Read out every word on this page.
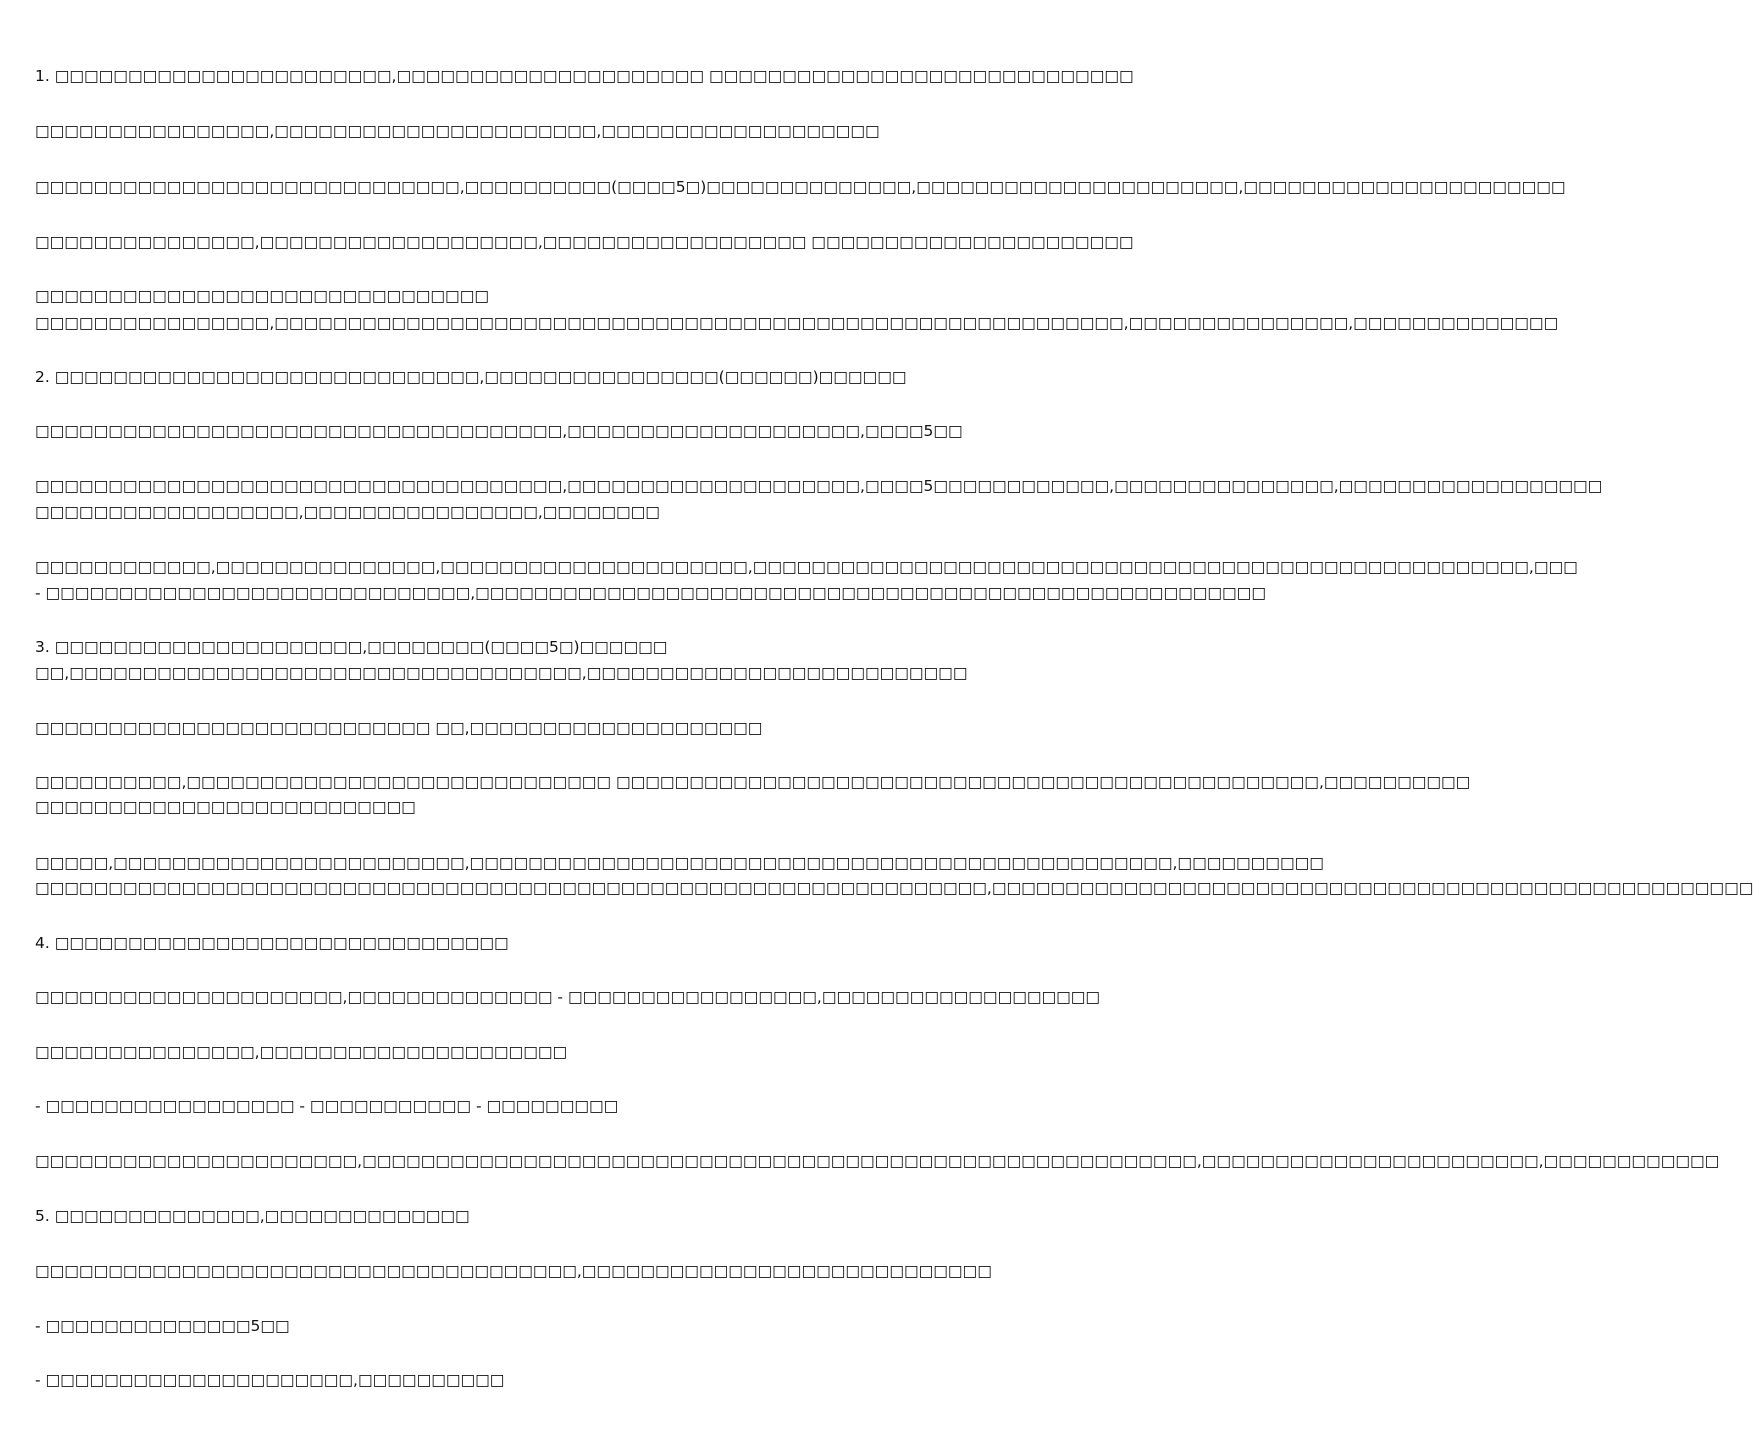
1. □□□□□□□□□□□□□□□□□□□□□□□,□□□□□□□□□□□□□□□□□□□□□ □□□□□□□□□□□□□□□□□□□□□□□□□□□□□
□□□□□□□□□□□□□□□□,□□□□□□□□□□□□□□□□□□□□□□,□□□□□□□□□□□□□□□□□□□
□□□□□□□□□□□□□□□□□□□□□□□□□□□□□,□□□□□□□□□□(□□□□5□)□□□□□□□□□□□□□□,□□□□□□□□□□□□□□□□□□□□□□,□□□□□□□□□□□□□□□□□□□□□□
□□□□□□□□□□□□□□□,□□□□□□□□□□□□□□□□□□□,□□□□□□□□□□□□□□□□□□ □□□□□□□□□□□□□□□□□□□□□□
□□□□□□□□□□□□□□□□□□□□□□□□□□□□□□□
□□□□□□□□□□□□□□□□,□□□□□□□□□□□□□□□□□□□□□□□□□□□□□□□□□□□□□□□□□□□□□□□□□□□□□□□□□□,□□□□□□□□□□□□□□□,□□□□□□□□□□□□□□
2. □□□□□□□□□□□□□□□□□□□□□□□□□□□□□,□□□□□□□□□□□□□□□□(□□□□□□)□□□□□□
□□□□□□□□□□□□□□□□□□□□□□□□□□□□□□□□□□□□,□□□□□□□□□□□□□□□□□□□□,□□□□5□□
□□□□□□□□□□□□□□□□□□□□□□□□□□□□□□□□□□□□,□□□□□□□□□□□□□□□□□□□□,□□□□5□□□□□□□□□□□□,□□□□□□□□□□□□□□□,□□□□□□□□□□□□□□□□□□
□□□□□□□□□□□□□□□□□□,□□□□□□□□□□□□□□□□,□□□□□□□□
□□□□□□□□□□□□,□□□□□□□□□□□□□□□,□□□□□□□□□□□□□□□□□□□□□,□□□□□□□□□□□□□□□□□□□□□□□□□□□□□□□□□□□□□□□□□□□□□□□□□□□□□,□□□
- □□□□□□□□□□□□□□□□□□□□□□□□□□□□□,□□□□□□□□□□□□□□□□□□□□□□□□□□□□□□□□□□□□□□□□□□□□□□□□□□□□□□
3. □□□□□□□□□□□□□□□□□□□□□,□□□□□□□□(□□□□5□)□□□□□□
□□,□□□□□□□□□□□□□□□□□□□□□□□□□□□□□□□□□□□,□□□□□□□□□□□□□□□□□□□□□□□□□□
□□□□□□□□□□□□□□□□□□□□□□□□□□□ □□,□□□□□□□□□□□□□□□□□□□□
□□□□□□□□□□,□□□□□□□□□□□□□□□□□□□□□□□□□□□□□ □□□□□□□□□□□□□□□□□□□□□□□□□□□□□□□□□□□□□□□□□□□□□□□□,□□□□□□□□□□
□□□□□□□□□□□□□□□□□□□□□□□□□□
□□□□□,□□□□□□□□□□□□□□□□□□□□□□□□,□□□□□□□□□□□□□□□□□□□□□□□□□□□□□□□□□□□□□□□□□□□□□□□□,□□□□□□□□□□
□□□□□□□□□□□□□□□□□□□□□□□□□□□□□□□□□□□□□□□□□□□□□□□□□□□□□□□□□□□□□□□□□,□□□□□□□□□□□□□□□□□□□□□□□□□□□□□□□□□□□□□□□□□□□□□□□□□□□□
4. □□□□□□□□□□□□□□□□□□□□□□□□□□□□□□□
□□□□□□□□□□□□□□□□□□□□□,□□□□□□□□□□□□□□ - □□□□□□□□□□□□□□□□□,□□□□□□□□□□□□□□□□□□□
□□□□□□□□□□□□□□□,□□□□□□□□□□□□□□□□□□□□□
- □□□□□□□□□□□□□□□□□ - □□□□□□□□□□□ - □□□□□□□□□
□□□□□□□□□□□□□□□□□□□□□□,□□□□□□□□□□□□□□□□□□□□□□□□□□□□□□□□□□□□□□□□□□□□□□□□□□□□□□□□□,□□□□□□□□□□□□□□□□□□□□□□□,□□□□□□□□□□□□
5. □□□□□□□□□□□□□□,□□□□□□□□□□□□□□
□□□□□□□□□□□□□□□□□□□□□□□□□□□□□□□□□□□□□,□□□□□□□□□□□□□□□□□□□□□□□□□□□□
- □□□□□□□□□□□□□□5□□
- □□□□□□□□□□□□□□□□□□□□□,□□□□□□□□□□
